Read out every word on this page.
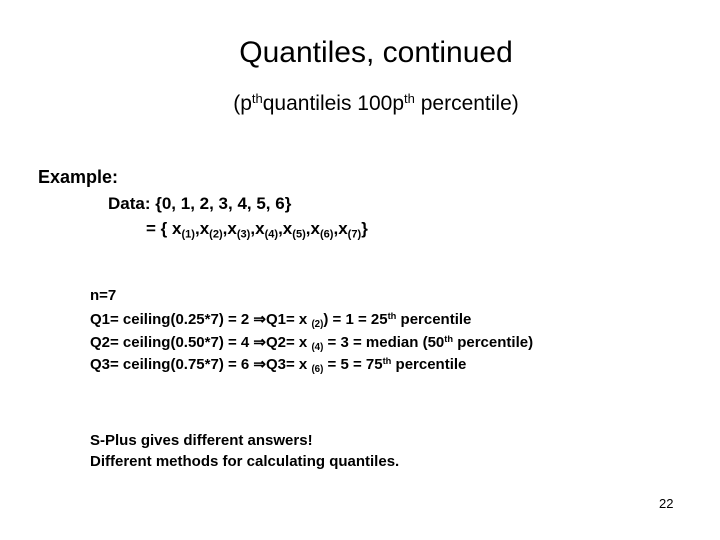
Quantiles, continued
($p^{th}quantileis$ $100p^{th}$ percentile)
Example:
Data: {0, 1, 2, 3, 4, 5, 6}
= { $x_{(1)},x_{(2)},x_{(3)},x_{(4)},x_{(5)},x_{(6)},x_{(7)}$}
n=7
Q1= ceiling(0.25*7) = 2 ⇒Q1= x $_{(2)}$) = 1 = 25th percentile
Q2= ceiling(0.50*7) = 4 ⇒Q2= x $_{(4)}$ = 3 = median (50th percentile)
Q3= ceiling(0.75*7) = 6 ⇒Q3= x $_{(6)}$ = 5 = 75th percentile
S-Plus gives different answers!
Different methods for calculating quantiles.
22
